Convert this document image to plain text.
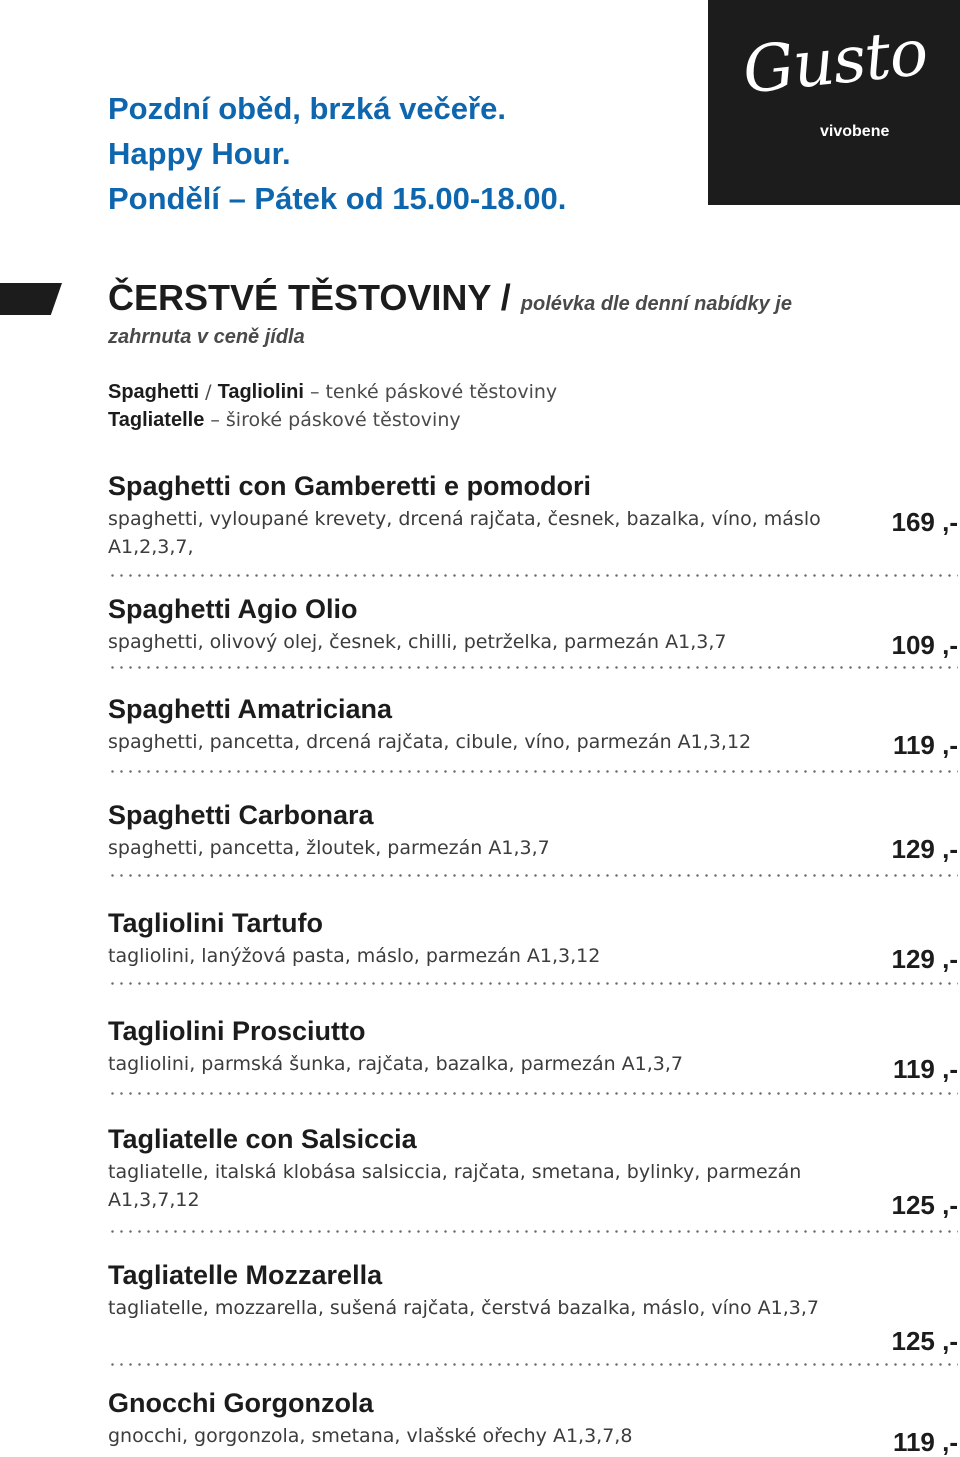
Gusto
vivobene
Pozdní oběd, brzká večeře.
Happy Hour.
Pondělí – Pátek od 15.00-18.00.
ČERSTVÉ TĚSTOVINY / polévka dle denní nabídky je
zahrnuta v ceně jídla
Spaghetti / Tagliolini – tenké páskové těstoviny
Tagliatelle – široké páskové těstoviny
Spaghetti con Gamberetti e pomodori
spaghetti, vyloupané krevety, drcená rajčata, česnek, bazalka, víno, máslo A1,2,3,7,
169 ,-
Spaghetti Agio Olio
spaghetti, olivový olej, česnek, chilli, petrželka, parmezán A1,3,7	109 ,-
Spaghetti Amatriciana
spaghetti, pancetta, drcená rajčata, cibule, víno, parmezán A1,3,12	119 ,-
Spaghetti Carbonara
spaghetti, pancetta, žloutek, parmezán A1,3,7	129 ,-
Tagliolini Tartufo
tagliolini, lanýžová pasta, máslo, parmezán A1,3,12	129 ,-
Tagliolini Prosciutto
tagliolini, parmská šunka, rajčata, bazalka, parmezán A1,3,7	119 ,-
Tagliatelle con Salsiccia
tagliatelle, italská klobása salsiccia, rajčata, smetana, bylinky, parmezán A1,3,7,12	125 ,-
Tagliatelle Mozzarella
tagliatelle, mozzarella, sušená rajčata, čerstvá bazalka, máslo, víno A1,3,7
125 ,-
Gnocchi Gorgonzola
gnocchi, gorgonzola, smetana, vlašské ořechy A1,3,7,8	119 ,-
